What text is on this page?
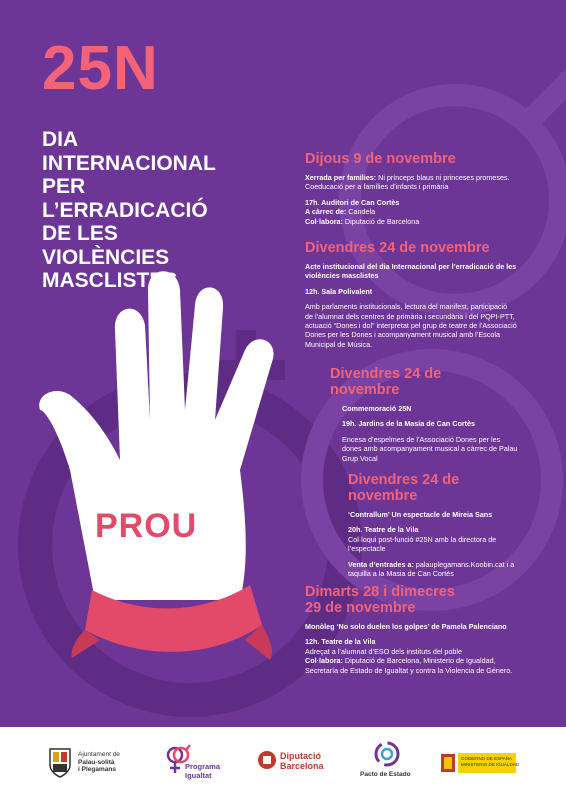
25N
DIA
INTERNACIONAL
PER
L’ERRADICACIÓ
DE LES
VIOLÈNCIES
MASCLISTES
PROU
Dijous 9 de novembre

Xerrada per famílies: Ni prínceps blaus ni princeses promeses. Coeducació per a famílies d’infants i primària

17h. Auditori de Can Cortès

A càrrec de: Candela

Col·labora: Diputació de Barcelona

Divendres 24 de novembre

Acte institucional del dia Internacional per l’erradicació de les violències masclistes

12h. Sala Polivalent

Amb parlaments institucionals, lectura del manifest, participació de l’alumnat dels centres de primària i secundària i del PQPI-PTT, actuació “Dones i dol” interpretat pel grup de teatre de l’Associació Dones per les Dones i acompanyament musical amb l’Escola Municipal de Música.

Divendres 24 de
novembre

Commemoració 25N

19h. Jardins de la Masía de Can Cortès

Encesa d’espelmes de l’Associació Dones per les dones amb acompanyament musical a càrrec de Palau Grup Vocal

Divendres 24 de
novembre

‘Contrallum’ Un espectacle de Mireia Sans

20h. Teatre de la Vila

Col·loqui post-funció #25N amb la directora de l’espectacle

Venta d’entrades a: palauplegamans.Koobin.cat i a taquilla a la Masia de Can Cortès

Dimarts 28 i dimecres
29 de novembre

Monòleg ‘No solo duelen los golpes’ de Pamela Palenciano

12h. Teatre de la Vila

Adreçat a l’alumnat d’ESO dels instituts del poble

Col·labora: Diputació de Barcelona, Ministerio de Igualdad, Secretaría de Estado de Igualtat y contra la Violencia de Género.

Ajuntament de
Palau-solità
i Plegamans	Programa
Igualtat
Diputació
Barcelona
Pacto de Estado
GOBIERNO DE ESPAÑA
MINISTERIO DE IGUALDAD
